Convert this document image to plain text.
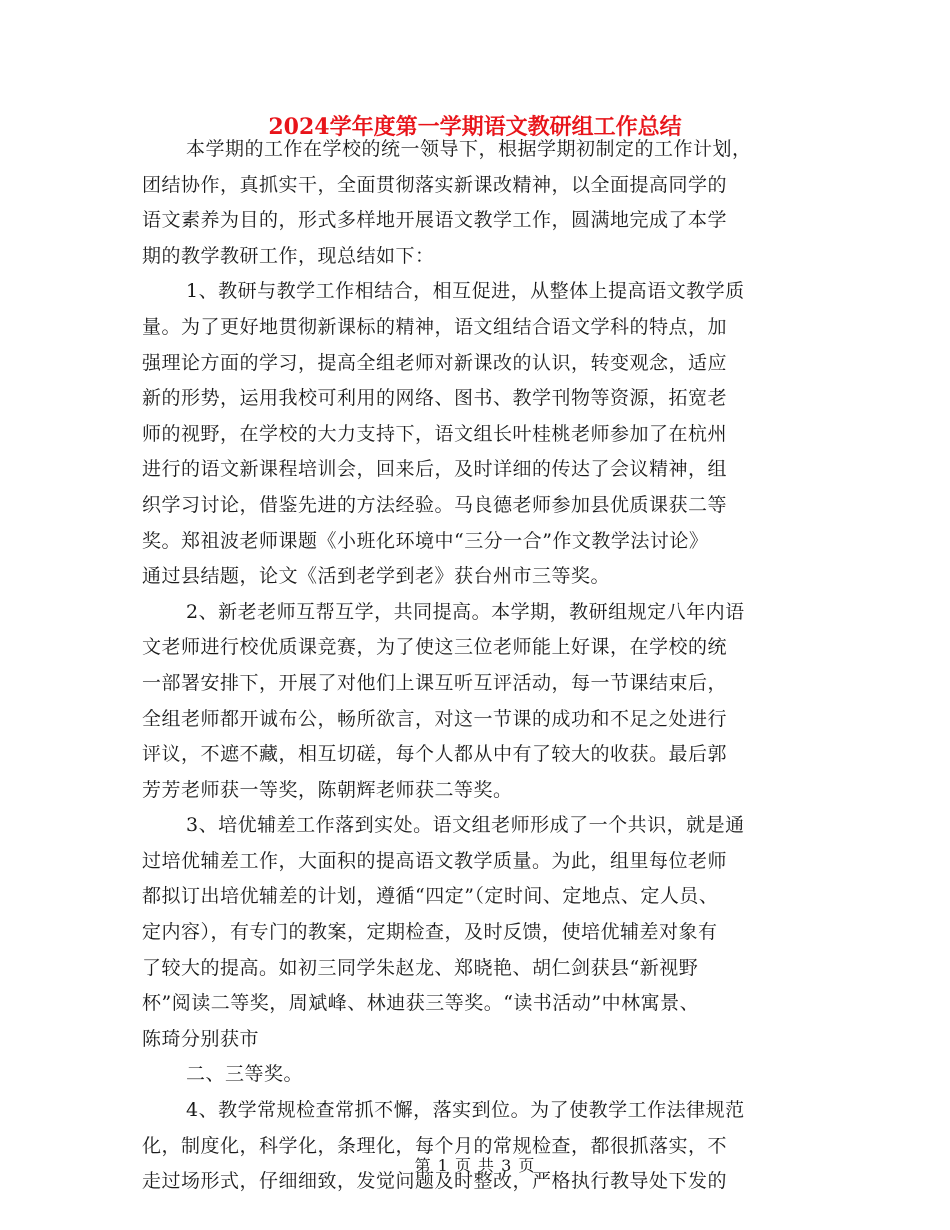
2024学年度第一学期语文教研组工作总结
本学期的工作在学校的统一领导下，根据学期初制定的工作计划，
团结协作，真抓实干，全面贯彻落实新课改精神，以全面提高同学的
语文素养为目的，形式多样地开展语文教学工作，圆满地完成了本学
期的教学教研工作，现总结如下：
1、教研与教学工作相结合，相互促进，从整体上提高语文教学质
量。为了更好地贯彻新课标的精神，语文组结合语文学科的特点，加
强理论方面的学习，提高全组老师对新课改的认识，转变观念，适应
新的形势，运用我校可利用的网络、图书、教学刊物等资源，拓宽老
师的视野，在学校的大力支持下，语文组长叶桂桃老师参加了在杭州
进行的语文新课程培训会，回来后，及时详细的传达了会议精神，组
织学习讨论，借鉴先进的方法经验。马良德老师参加县优质课获二等
奖。郑祖波老师课题《小班化环境中“三分一合”作文教学法讨论》
通过县结题，论文《活到老学到老》获台州市三等奖。
2、新老老师互帮互学，共同提高。本学期，教研组规定八年内语
文老师进行校优质课竞赛，为了使这三位老师能上好课，在学校的统
一部署安排下，开展了对他们上课互听互评活动，每一节课结束后，
全组老师都开诚布公，畅所欲言，对这一节课的成功和不足之处进行
评议，不遮不藏，相互切磋，每个人都从中有了较大的收获。最后郭
芳芳老师获一等奖，陈朝辉老师获二等奖。
3、培优辅差工作落到实处。语文组老师形成了一个共识，就是通
过培优辅差工作，大面积的提高语文教学质量。为此，组里每位老师
都拟订出培优辅差的计划，遵循“四定”（定时间、定地点、定人员、
定内容），有专门的教案，定期检查，及时反馈，使培优辅差对象有
了较大的提高。如初三同学朱赵龙、郑晓艳、胡仁剑获县“新视野
杯”阅读二等奖，周斌峰、林迪获三等奖。“读书活动”中林寓景、
陈琦分别获市
二、三等奖。
4、教学常规检查常抓不懈，落实到位。为了使教学工作法律规范
化，制度化，科学化，条理化，每个月的常规检查，都很抓落实，不
走过场形式，仔细细致，发觉问题及时整改，严格执行教导处下发的
第 1 页 共 3 页
